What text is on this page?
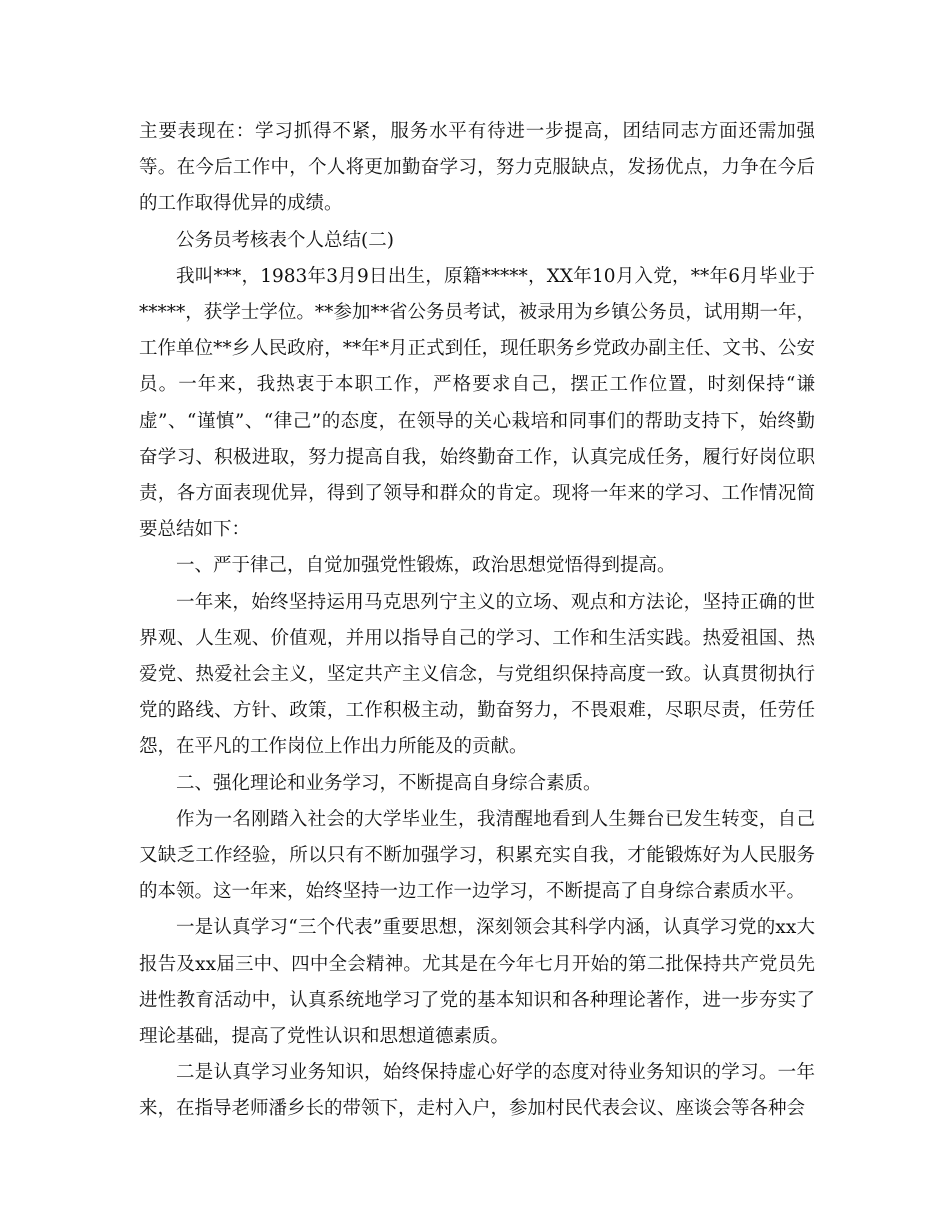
主要表现在：学习抓得不紧，服务水平有待进一步提高，团结同志方面还需加强等。在今后工作中，个人将更加勤奋学习，努力克服缺点，发扬优点，力争在今后的工作取得优异的成绩。

公务员考核表个人总结(二)

我叫***，1983年3月9日出生，原籍*****，XX年10月入党，**年6月毕业于*****，获学士学位。**参加**省公务员考试，被录用为乡镇公务员，试用期一年，工作单位**乡人民政府，**年*月正式到任，现任职务乡党政办副主任、文书、公安员。一年来，我热衷于本职工作，严格要求自己，摆正工作位置，时刻保持“谦虚”、“谨慎”、“律己”的态度，在领导的关心栽培和同事们的帮助支持下，始终勤奋学习、积极进取，努力提高自我，始终勤奋工作，认真完成任务，履行好岗位职责，各方面表现优异，得到了领导和群众的肯定。现将一年来的学习、工作情况简要总结如下：

一、严于律己，自觉加强党性锻炼，政治思想觉悟得到提高。

一年来，始终坚持运用马克思列宁主义的立场、观点和方法论，坚持正确的世界观、人生观、价值观，并用以指导自己的学习、工作和生活实践。热爱祖国、热爱党、热爱社会主义，坚定共产主义信念，与党组织保持高度一致。认真贯彻执行党的路线、方针、政策，工作积极主动，勤奋努力，不畏艰难，尽职尽责，任劳任怨，在平凡的工作岗位上作出力所能及的贡献。

二、强化理论和业务学习，不断提高自身综合素质。

作为一名刚踏入社会的大学毕业生，我清醒地看到人生舞台已发生转变，自己又缺乏工作经验，所以只有不断加强学习，积累充实自我，才能锻炼好为人民服务的本领。这一年来，始终坚持一边工作一边学习，不断提高了自身综合素质水平。

一是认真学习“三个代表”重要思想，深刻领会其科学内涵，认真学习党的xx大报告及xx届三中、四中全会精神。尤其是在今年七月开始的第二批保持共产党员先进性教育活动中，认真系统地学习了党的基本知识和各种理论著作，进一步夯实了理论基础，提高了党性认识和思想道德素质。

二是认真学习业务知识，始终保持虚心好学的态度对待业务知识的学习。一年来，在指导老师潘乡长的带领下，走村入户，参加村民代表会议、座谈会等各种会
